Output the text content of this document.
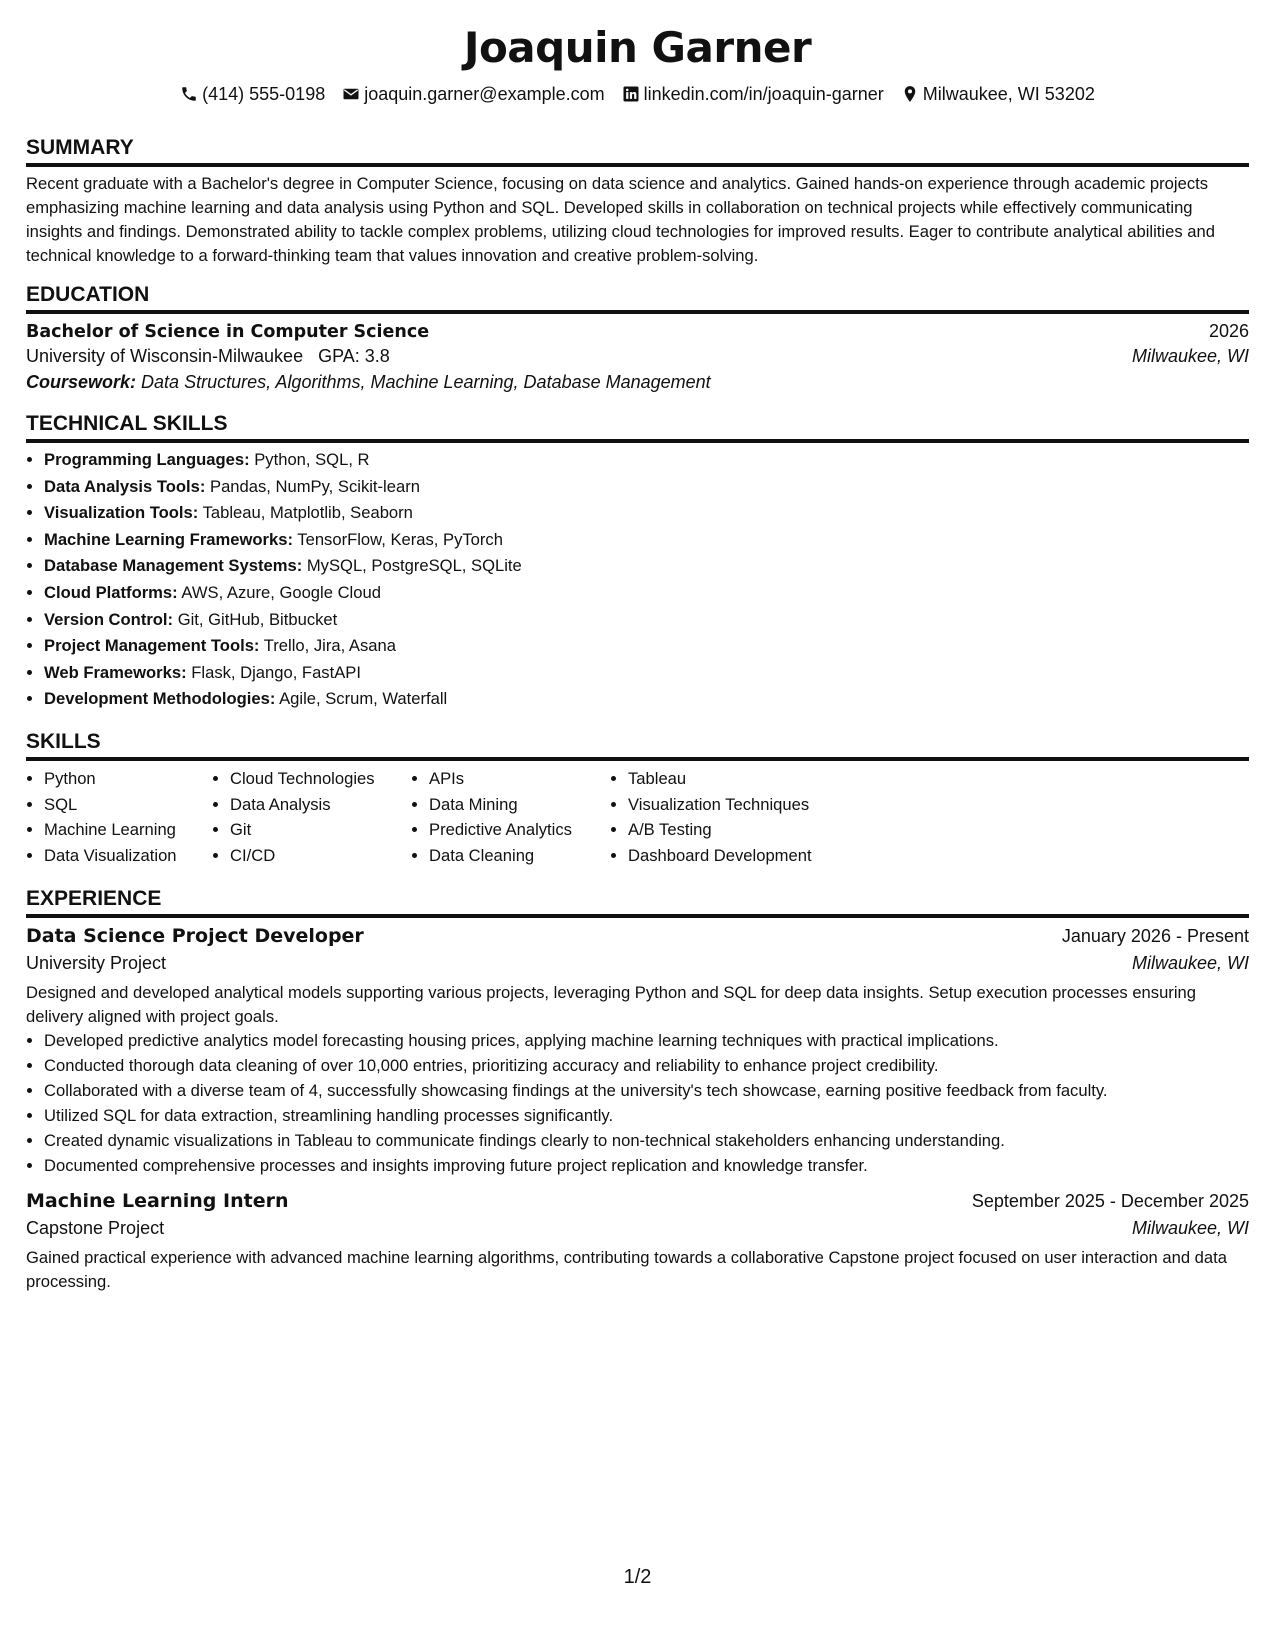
Joaquin Garner
(414) 555-0198 joaquin.garner@example.com linkedin.com/in/joaquin-garner Milwaukee, WI 53202
SUMMARY

Recent graduate with a Bachelor's degree in Computer Science, focusing on data science and analytics. Gained hands-on experience through academic projects emphasizing machine learning and data analysis using Python and SQL. Developed skills in collaboration on technical projects while effectively communicating insights and findings. Demonstrated ability to tackle complex problems, utilizing cloud technologies for improved results. Eager to contribute analytical abilities and technical knowledge to a forward-thinking team that values innovation and creative problem-solving.

EDUCATION
Bachelor of Science in Computer Science	2026
University of Wisconsin-Milwaukee GPA: 3.8	Milwaukee, WI
Coursework: Data Structures, Algorithms, Machine Learning, Database Management
TECHNICAL SKILLS
• Programming Languages: Python, SQL, R
• Data Analysis Tools: Pandas, NumPy, Scikit-learn
• Visualization Tools: Tableau, Matplotlib, Seaborn
• Machine Learning Frameworks: TensorFlow, Keras, PyTorch
• Database Management Systems: MySQL, PostgreSQL, SQLite
• Cloud Platforms: AWS, Azure, Google Cloud
• Version Control: Git, GitHub, Bitbucket
• Project Management Tools: Trello, Jira, Asana
• Web Frameworks: Flask, Django, FastAPI
• Development Methodologies: Agile, Scrum, Waterfall
SKILLS
• Python
• SQL
• Machine Learning
• Data Visualization
• Cloud Technologies
• Data Analysis
• Git
• CI/CD
• APIs
• Data Mining
• Predictive Analytics
• Data Cleaning
• Tableau
• Visualization Techniques
• A/B Testing
• Dashboard Development
EXPERIENCE
Data Science Project Developer	January 2026 - Present
University Project	Milwaukee, WI

Designed and developed analytical models supporting various projects, leveraging Python and SQL for deep data insights. Setup execution processes ensuring delivery aligned with project goals.

• Developed predictive analytics model forecasting housing prices, applying machine learning techniques with practical implications.
• Conducted thorough data cleaning of over 10,000 entries, prioritizing accuracy and reliability to enhance project credibility.
• Collaborated with a diverse team of 4, successfully showcasing findings at the university's tech showcase, earning positive feedback from faculty.
• Utilized SQL for data extraction, streamlining handling processes significantly.
• Created dynamic visualizations in Tableau to communicate findings clearly to non-technical stakeholders enhancing understanding.
• Documented comprehensive processes and insights improving future project replication and knowledge transfer.
Machine Learning Intern	September 2025 - December 2025
Capstone Project	Milwaukee, WI

Gained practical experience with advanced machine learning algorithms, contributing towards a collaborative Capstone project focused on user interaction and data processing.

1/2
